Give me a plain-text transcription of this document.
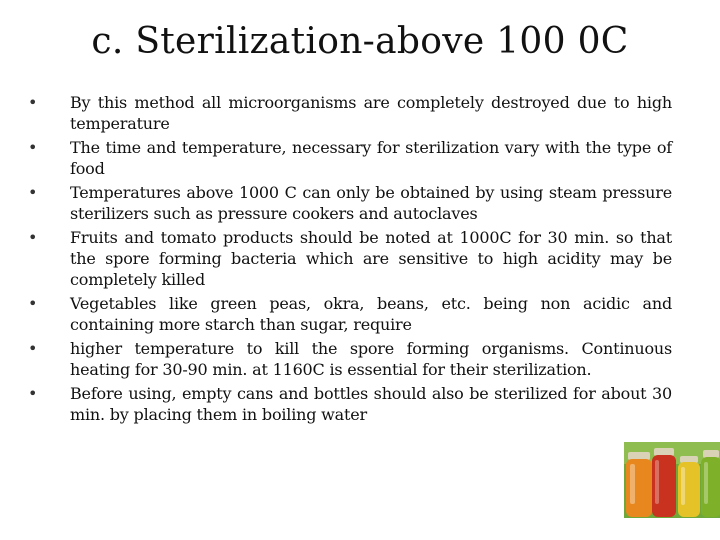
c. Sterilization-above 100 0C
• By this method all microorganisms are completely destroyed due to high temperature
• The time and temperature, necessary for sterilization vary with the type of food
• Temperatures above 1000 C can only be obtained by using steam pressure sterilizers such as pressure cookers and autoclaves
• Fruits and tomato products should be noted at 1000C for 30 min. so that the spore forming bacteria which are sensitive to high acidity may be completely killed
• Vegetables like green peas, okra, beans, etc. being non acidic and containing more starch than sugar, require
• higher temperature to kill the spore forming organisms. Continuous heating for 30-90 min. at 1160C is essential for their sterilization.
• Before using, empty cans and bottles should also be sterilized for about 30 min. by placing them in boiling water
